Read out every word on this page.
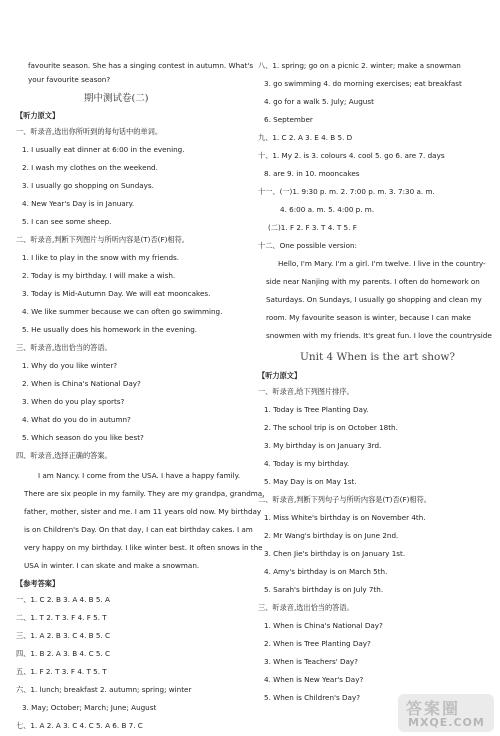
favourite season. She has a singing contest in autumn. What's
your favourite season?
期中测试卷(二)
【听力原文】
一、听录音,选出你所听到的每句话中的单词。
1. I usually eat dinner at 6:00 in the evening.
2. I wash my clothes on the weekend.
3. I usually go shopping on Sundays.
4. New Year's Day is in January.
5. I can see some sheep.
二、听录音,判断下列图片与所听内容是(T)否(F)相符。
1. I like to play in the snow with my friends.
2. Today is my birthday. I will make a wish.
3. Today is Mid-Autumn Day. We will eat mooncakes.
4. We like summer because we can often go swimming.
5. He usually does his homework in the evening.
三、听录音,选出恰当的答语。
1. Why do you like winter?
2. When is China's National Day?
3. When do you play sports?
4. What do you do in autumn?
5. Which season do you like best?
四、听录音,选择正确的答案。
I am Nancy. I come from the USA. I have a happy family.
There are six people in my family. They are my grandpa, grandma,
father, mother, sister and me. I am 11 years old now. My birthday
is on Children's Day. On that day, I can eat birthday cakes. I am
very happy on my birthday. I like winter best. It often snows in the
USA in winter. I can skate and make a snowman.
【参考答案】
一、1. C 2. B 3. A 4. B 5. A
二、1. T 2. T 3. F 4. F 5. T
三、1. A 2. B 3. C 4. B 5. C
四、1. B 2. A 3. B 4. C 5. C
五、1. F 2. T 3. F 4. T 5. T
六、1. lunch; breakfast 2. autumn; spring; winter
3. May; October; March; June; August
七、1. A 2. A 3. C 4. C 5. A 6. B 7. C
八、1. spring; go on a picnic 2. winter; make a snowman
3. go swimming 4. do morning exercises; eat breakfast
4. go for a walk 5. July; August
6. September
九、1. C 2. A 3. E 4. B 5. D
十、1. My 2. is 3. colours 4. cool 5. go 6. are 7. days
8. are 9. in 10. mooncakes
十一、(一)1. 9:30 p. m. 2. 7:00 p. m. 3. 7:30 a. m.
4. 6:00 a. m. 5. 4:00 p. m.
(二)1. F 2. F 3. T 4. T 5. F
十二、One possible version:
Hello, I'm Mary. I'm a girl. I'm twelve. I live in the country-
side near Nanjing with my parents. I often do homework on
Saturdays. On Sundays, I usually go shopping and clean my
room. My favourite season is winter, because I can make
snowmen with my friends. It's great fun. I love the countryside
Unit 4 When is the art show?
【听力原文】
一、听录音,给下列图片排序。
1. Today is Tree Planting Day.
2. The school trip is on October 18th.
3. My birthday is on January 3rd.
4. Today is my birthday.
5. May Day is on May 1st.
二、听录音,判断下列句子与所听内容是(T)否(F)相符。
1. Miss White's birthday is on November 4th.
2. Mr Wang's birthday is on June 2nd.
3. Chen Jie's birthday is on January 1st.
4. Amy's birthday is on March 5th.
5. Sarah's birthday is on July 7th.
三、听录音,选出恰当的答语。
1. When is China's National Day?
2. When is Tree Planting Day?
3. When is Teachers' Day?
4. When is New Year's Day?
5. When is Children's Day?
答案圈
MXQE.COM
